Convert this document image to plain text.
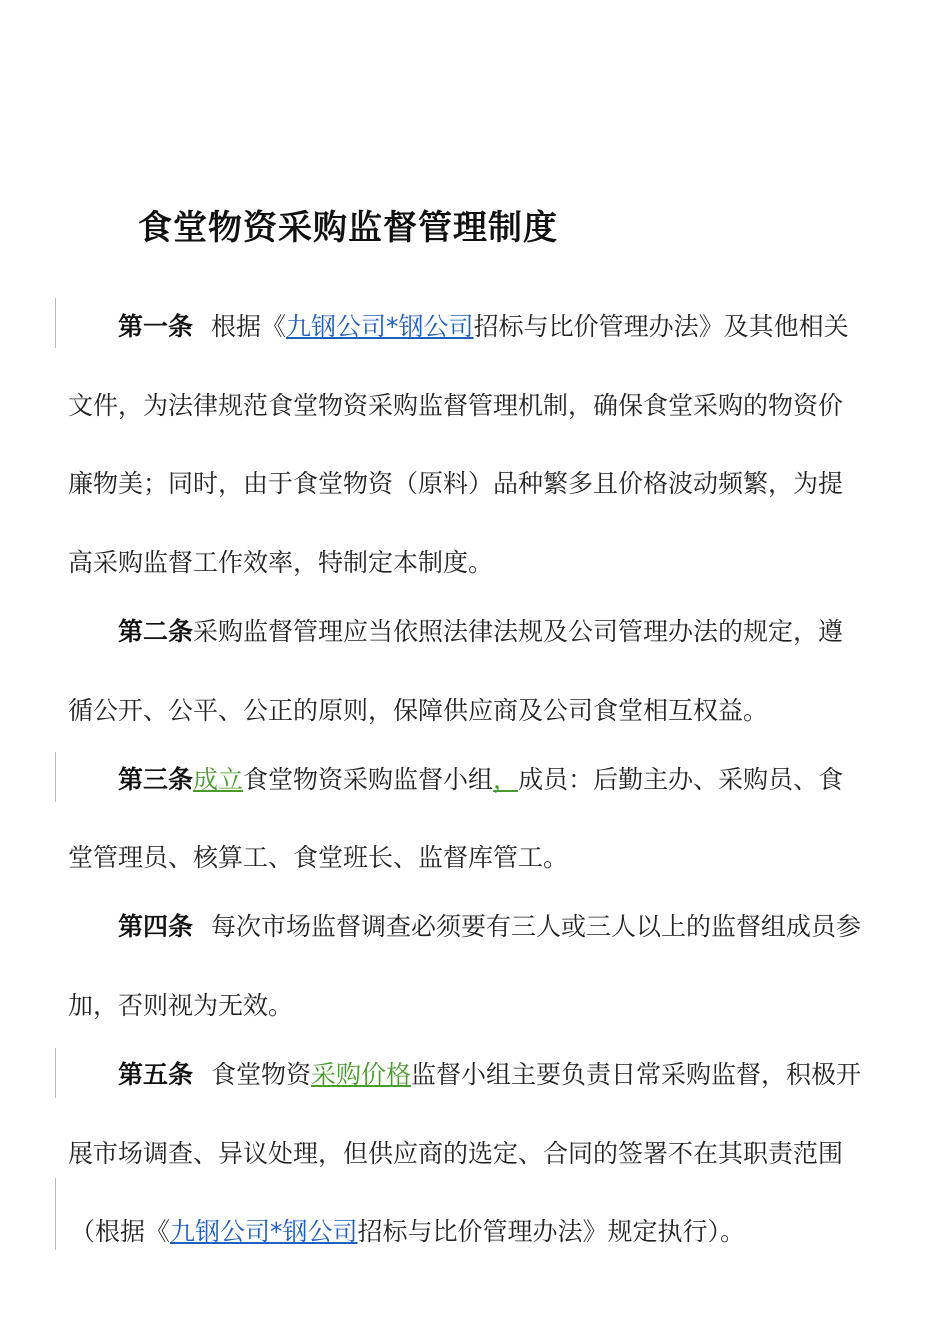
食堂物资采购监督管理制度
第一条 根据《九钢公司*钢公司招标与比价管理办法》及其他相关
文件，为法律规范食堂物资采购监督管理机制，确保食堂采购的物资价
廉物美；同时，由于食堂物资（原料）品种繁多且价格波动频繁，为提
高采购监督工作效率，特制定本制度。
第二条采购监督管理应当依照法律法规及公司管理办法的规定，遵
循公开、公平、公正的原则，保障供应商及公司食堂相互权益。
第三条成立食堂物资采购监督小组，成员：后勤主办、采购员、食
堂管理员、核算工、食堂班长、监督库管工。
第四条 每次市场监督调查必须要有三人或三人以上的监督组成员参
加，否则视为无效。
第五条 食堂物资采购价格监督小组主要负责日常采购监督，积极开
展市场调查、异议处理，但供应商的选定、合同的签署不在其职责范围
（根据《九钢公司*钢公司招标与比价管理办法》规定执行）。
